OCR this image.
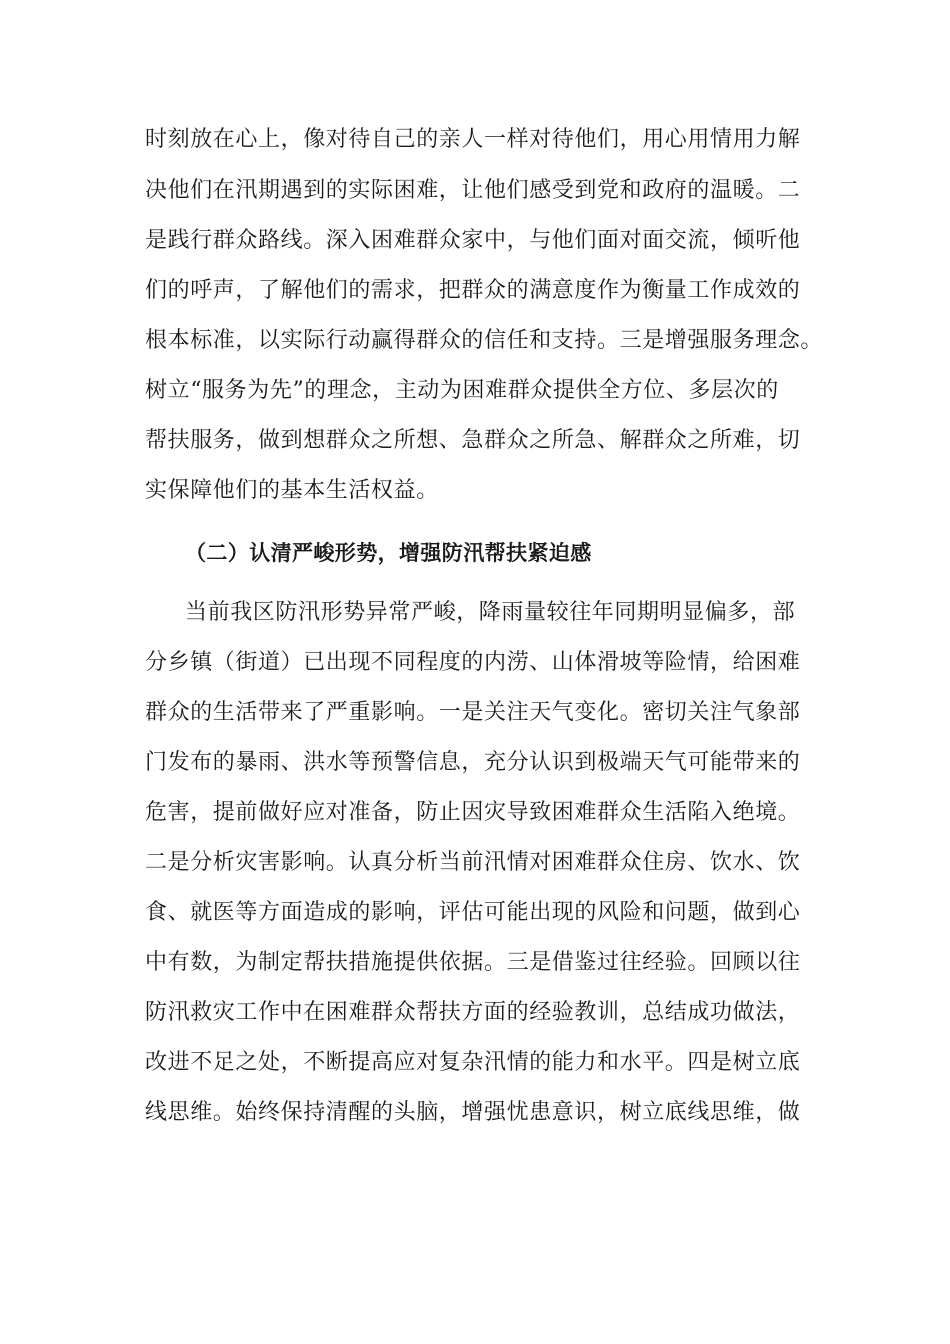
时刻放在心上，像对待自己的亲人一样对待他们，用心用情用力解
决他们在汛期遇到的实际困难，让他们感受到党和政府的温暖。二
是践行群众路线。深入困难群众家中，与他们面对面交流，倾听他
们的呼声，了解他们的需求，把群众的满意度作为衡量工作成效的
根本标准，以实际行动赢得群众的信任和支持。三是增强服务理念。
树立“服务为先”的理念，主动为困难群众提供全方位、多层次的
帮扶服务，做到想群众之所想、急群众之所急、解群众之所难，切
实保障他们的基本生活权益。
（二）认清严峻形势，增强防汛帮扶紧迫感
当前我区防汛形势异常严峻，降雨量较往年同期明显偏多，部
分乡镇（街道）已出现不同程度的内涝、山体滑坡等险情，给困难
群众的生活带来了严重影响。一是关注天气变化。密切关注气象部
门发布的暴雨、洪水等预警信息，充分认识到极端天气可能带来的
危害，提前做好应对准备，防止因灾导致困难群众生活陷入绝境。
二是分析灾害影响。认真分析当前汛情对困难群众住房、饮水、饮
食、就医等方面造成的影响，评估可能出现的风险和问题，做到心
中有数，为制定帮扶措施提供依据。三是借鉴过往经验。回顾以往
防汛救灾工作中在困难群众帮扶方面的经验教训，总结成功做法，
改进不足之处，不断提高应对复杂汛情的能力和水平。四是树立底
线思维。始终保持清醒的头脑，增强忧患意识，树立底线思维，做
